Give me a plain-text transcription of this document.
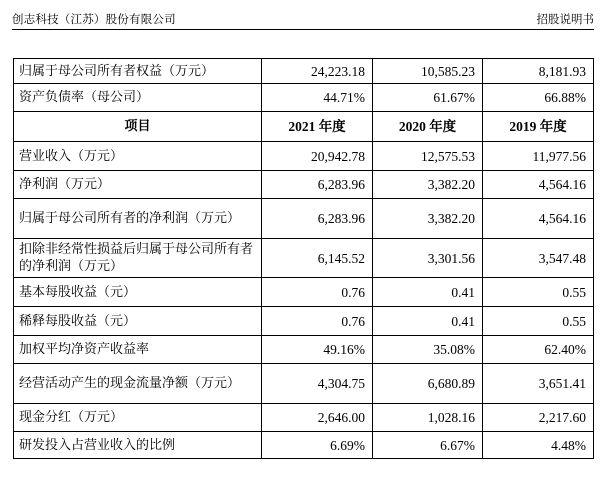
创志科技（江苏）股份有限公司	招股说明书
归属于母公司所有者权益（万元）	24,223.18	10,585.23	8,181.93
资产负债率（母公司）	44.71%	61.67%	66.88%
项目	2021 年度	2020 年度	2019 年度
营业收入（万元）	20,942.78	12,575.53	11,977.56
净利润（万元）	6,283.96	3,382.20	4,564.16
归属于母公司所有者的净利润（万元）	6,283.96	3,382.20	4,564.16
扣除非经常性损益后归属于母公司所有者的净利润（万元）	6,145.52	3,301.56	3,547.48
基本每股收益（元）	0.76	0.41	0.55
稀释每股收益（元）	0.76	0.41	0.55
加权平均净资产收益率	49.16%	35.08%	62.40%
经营活动产生的现金流量净额（万元）	4,304.75	6,680.89	3,651.41
现金分红（万元）	2,646.00	1,028.16	2,217.60
研发投入占营业收入的比例	6.69%	6.67%	4.48%
